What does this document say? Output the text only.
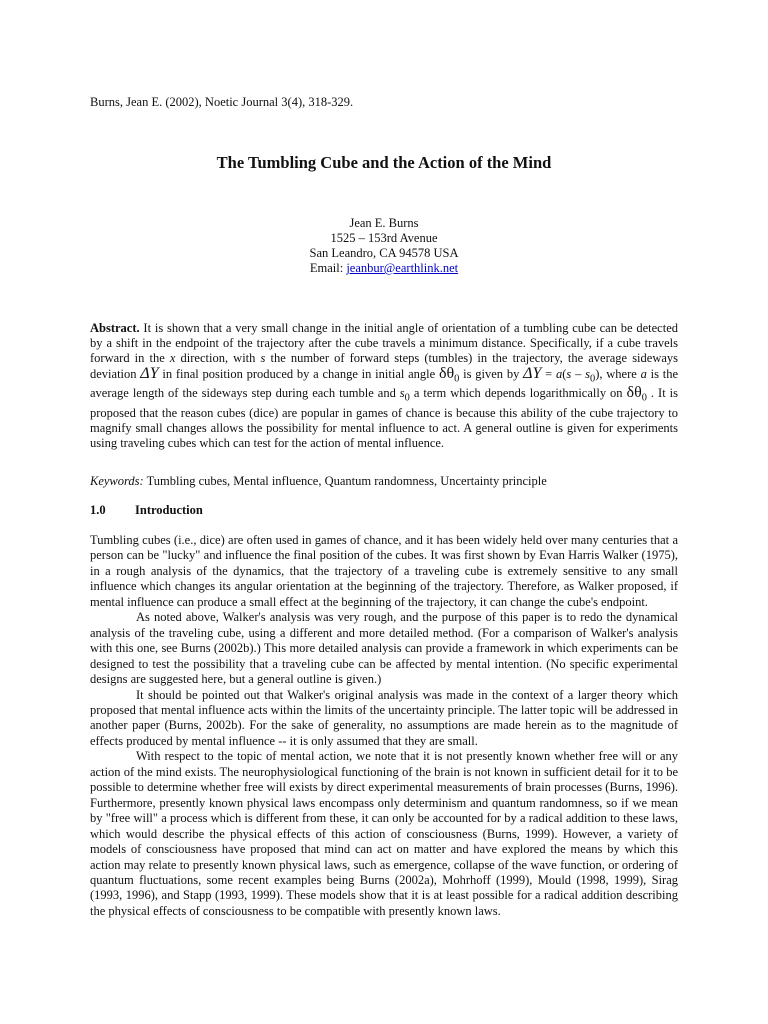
Burns, Jean E. (2002), Noetic Journal 3(4), 318-329.
The Tumbling Cube and the Action of the Mind
Jean E. Burns
1525 – 153rd Avenue
San Leandro, CA 94578 USA
Email: jeanbur@earthlink.net
Abstract. It is shown that a very small change in the initial angle of orientation of a tumbling cube can be detected by a shift in the endpoint of the trajectory after the cube travels a minimum distance. Specifically, if a cube travels forward in the x direction, with s the number of forward steps (tumbles) in the trajectory, the average sideways deviation ΔY in final position produced by a change in initial angle $\delta\theta_0$ is given by $\Delta Y = a(s - s_0)$, where a is the average length of the sideways step during each tumble and $s_0$ a term which depends logarithmically on $\delta\theta_0$ . It is proposed that the reason cubes (dice) are popular in games of chance is because this ability of the cube trajectory to magnify small changes allows the possibility for mental influence to act. A general outline is given for experiments using traveling cubes which can test for the action of mental influence.
Keywords: Tumbling cubes, Mental influence, Quantum randomness, Uncertainty principle
1.0 Introduction

Tumbling cubes (i.e., dice) are often used in games of chance, and it has been widely held over many centuries that a person can be "lucky" and influence the final position of the cubes. It was first shown by Evan Harris Walker (1975), in a rough analysis of the dynamics, that the trajectory of a traveling cube is extremely sensitive to any small influence which changes its angular orientation at the beginning of the trajectory. Therefore, as Walker proposed, if mental influence can produce a small effect at the beginning of the trajectory, it can change the cube's endpoint.

As noted above, Walker's analysis was very rough, and the purpose of this paper is to redo the dynamical analysis of the traveling cube, using a different and more detailed method. (For a comparison of Walker's analysis with this one, see Burns (2002b).) This more detailed analysis can provide a framework in which experiments can be designed to test the possibility that a traveling cube can be affected by mental intention. (No specific experimental designs are suggested here, but a general outline is given.)

It should be pointed out that Walker's original analysis was made in the context of a larger theory which proposed that mental influence acts within the limits of the uncertainty principle. The latter topic will be addressed in another paper (Burns, 2002b). For the sake of generality, no assumptions are made herein as to the magnitude of effects produced by mental influence -- it is only assumed that they are small.

With respect to the topic of mental action, we note that it is not presently known whether free will or any action of the mind exists. The neurophysiological functioning of the brain is not known in sufficient detail for it to be possible to determine whether free will exists by direct experimental measurements of brain processes (Burns, 1996). Furthermore, presently known physical laws encompass only determinism and quantum randomness, so if we mean by "free will" a process which is different from these, it can only be accounted for by a radical addition to these laws, which would describe the physical effects of this action of consciousness (Burns, 1999). However, a variety of models of consciousness have proposed that mind can act on matter and have explored the means by which this action may relate to presently known physical laws, such as emergence, collapse of the wave function, or ordering of quantum fluctuations, some recent examples being Burns (2002a), Mohrhoff (1999), Mould (1998, 1999), Sirag (1993, 1996), and Stapp (1993, 1999). These models show that it is at least possible for a radical addition describing the physical effects of consciousness to be compatible with presently known laws.
